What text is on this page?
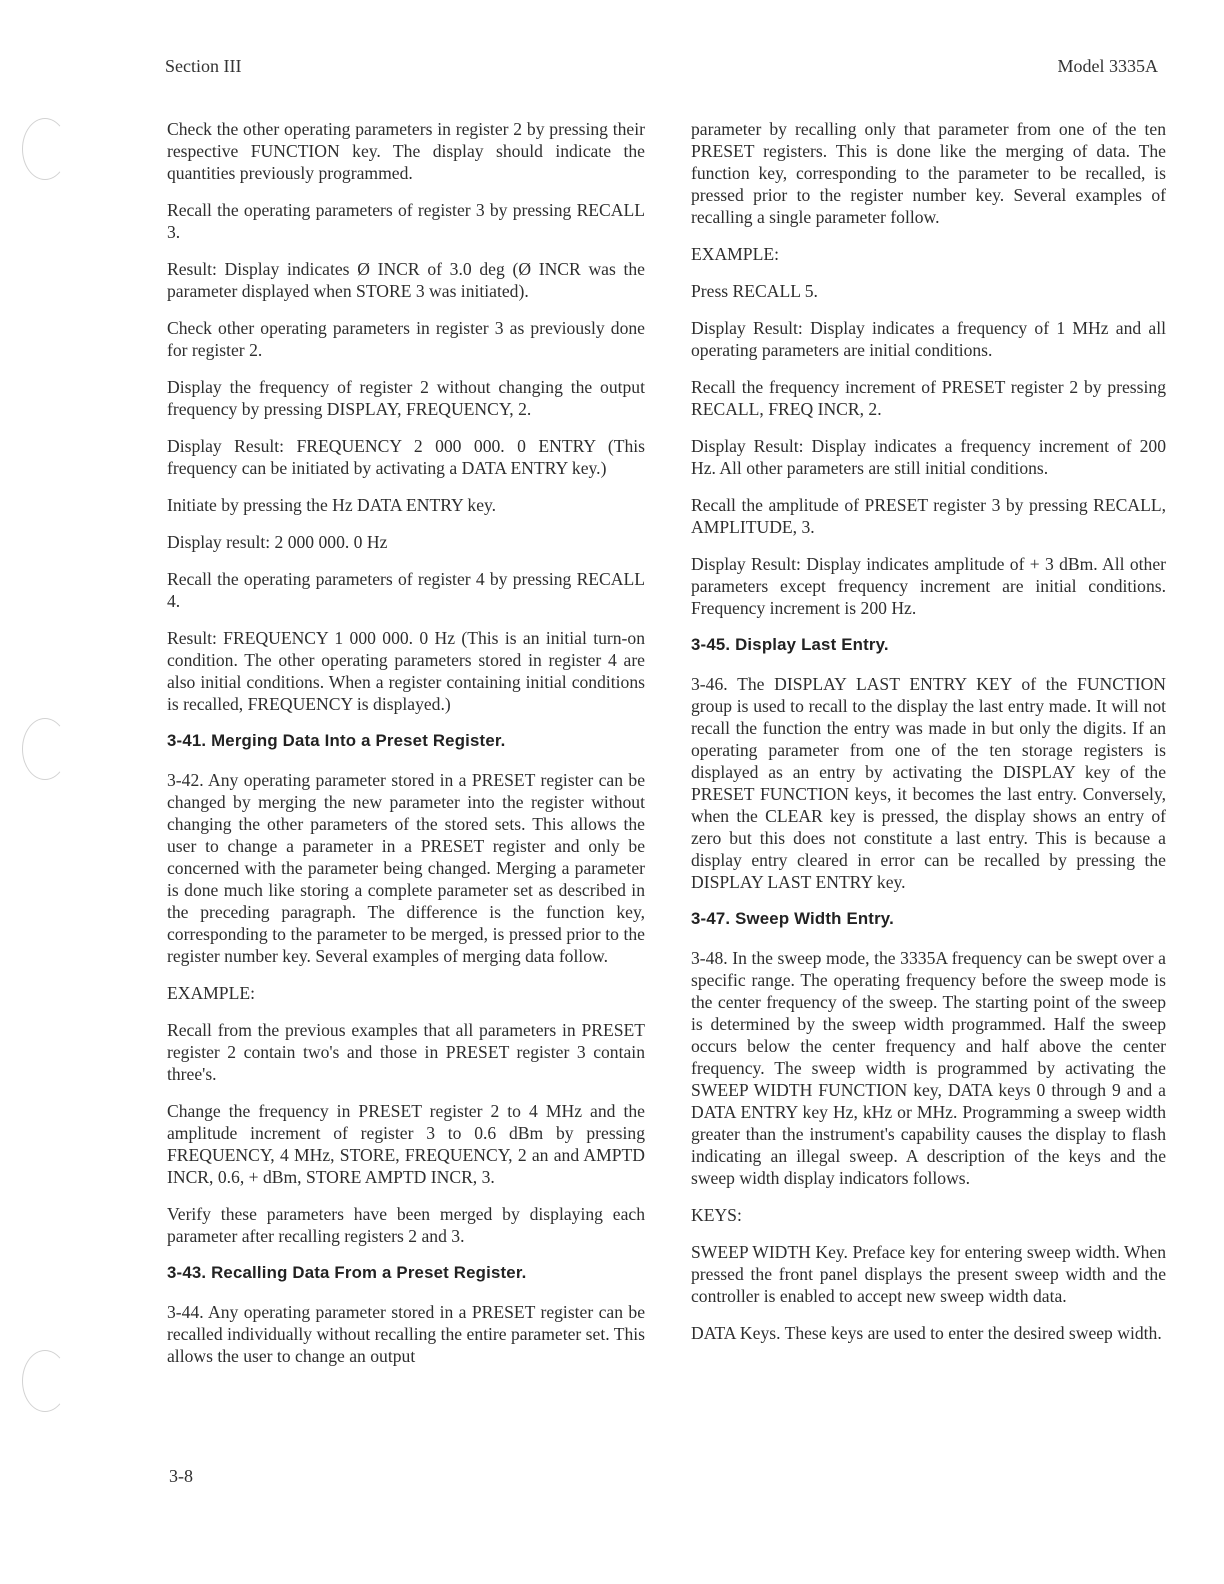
Section III	Model 3335A

Check the other operating parameters in register 2 by pressing their respective FUNCTION key. The display should indicate the quantities previously programmed.

Recall the operating parameters of register 3 by pressing RECALL 3.

Result: Display indicates Ø INCR of 3.0 deg (Ø INCR was the parameter displayed when STORE 3 was initiated).

Check other operating parameters in register 3 as previously done for register 2.

Display the frequency of register 2 without changing the output frequency by pressing DISPLAY, FREQUENCY, 2.

Display Result: FREQUENCY 2 000 000. 0 ENTRY (This frequency can be initiated by activating a DATA ENTRY key.)

Initiate by pressing the Hz DATA ENTRY key.

Display result: 2 000 000. 0 Hz

Recall the operating parameters of register 4 by pressing RECALL 4.

Result: FREQUENCY 1 000 000. 0 Hz (This is an initial turn-on condition. The other operating parameters stored in register 4 are also initial conditions. When a register containing initial conditions is recalled, FREQUENCY is displayed.)

3-41. Merging Data Into a Preset Register.

3-42. Any operating parameter stored in a PRESET register can be changed by merging the new parameter into the register without changing the other parameters of the stored sets. This allows the user to change a parameter in a PRESET register and only be concerned with the parameter being changed. Merging a parameter is done much like storing a complete parameter set as described in the preceding paragraph. The difference is the function key, corresponding to the parameter to be merged, is pressed prior to the register number key. Several examples of merging data follow.

EXAMPLE:

Recall from the previous examples that all parameters in PRESET register 2 contain two's and those in PRESET register 3 contain three's.

Change the frequency in PRESET register 2 to 4 MHz and the amplitude increment of register 3 to 0.6 dBm by pressing FREQUENCY, 4 MHz, STORE, FREQUENCY, 2 an and AMPTD INCR, 0.6, + dBm, STORE AMPTD INCR, 3.

Verify these parameters have been merged by displaying each parameter after recalling registers 2 and 3.

3-43. Recalling Data From a Preset Register.

3-44. Any operating parameter stored in a PRESET register can be recalled individually without recalling the entire parameter set. This allows the user to change an output

parameter by recalling only that parameter from one of the ten PRESET registers. This is done like the merging of data. The function key, corresponding to the parameter to be recalled, is pressed prior to the register number key. Several examples of recalling a single parameter follow.

EXAMPLE:

Press RECALL 5.

Display Result: Display indicates a frequency of 1 MHz and all operating parameters are initial conditions.

Recall the frequency increment of PRESET register 2 by pressing RECALL, FREQ INCR, 2.

Display Result: Display indicates a frequency increment of 200 Hz. All other parameters are still initial conditions.

Recall the amplitude of PRESET register 3 by pressing RECALL, AMPLITUDE, 3.

Display Result: Display indicates amplitude of + 3 dBm. All other parameters except frequency increment are initial conditions. Frequency increment is 200 Hz.

3-45. Display Last Entry.

3-46. The DISPLAY LAST ENTRY KEY of the FUNCTION group is used to recall to the display the last entry made. It will not recall the function the entry was made in but only the digits. If an operating parameter from one of the ten storage registers is displayed as an entry by activating the DISPLAY key of the PRESET FUNCTION keys, it becomes the last entry. Conversely, when the CLEAR key is pressed, the display shows an entry of zero but this does not constitute a last entry. This is because a display entry cleared in error can be recalled by pressing the DISPLAY LAST ENTRY key.

3-47. Sweep Width Entry.

3-48. In the sweep mode, the 3335A frequency can be swept over a specific range. The operating frequency before the sweep mode is the center frequency of the sweep. The starting point of the sweep is determined by the sweep width programmed. Half the sweep occurs below the center frequency and half above the center frequency. The sweep width is programmed by activating the SWEEP WIDTH FUNCTION key, DATA keys 0 through 9 and a DATA ENTRY key Hz, kHz or MHz. Programming a sweep width greater than the instrument's capability causes the display to flash indicating an illegal sweep. A description of the keys and the sweep width display indicators follows.

KEYS:

SWEEP WIDTH Key. Preface key for entering sweep width. When pressed the front panel displays the present sweep width and the controller is enabled to accept new sweep width data.

DATA Keys. These keys are used to enter the desired sweep width.

3-8
